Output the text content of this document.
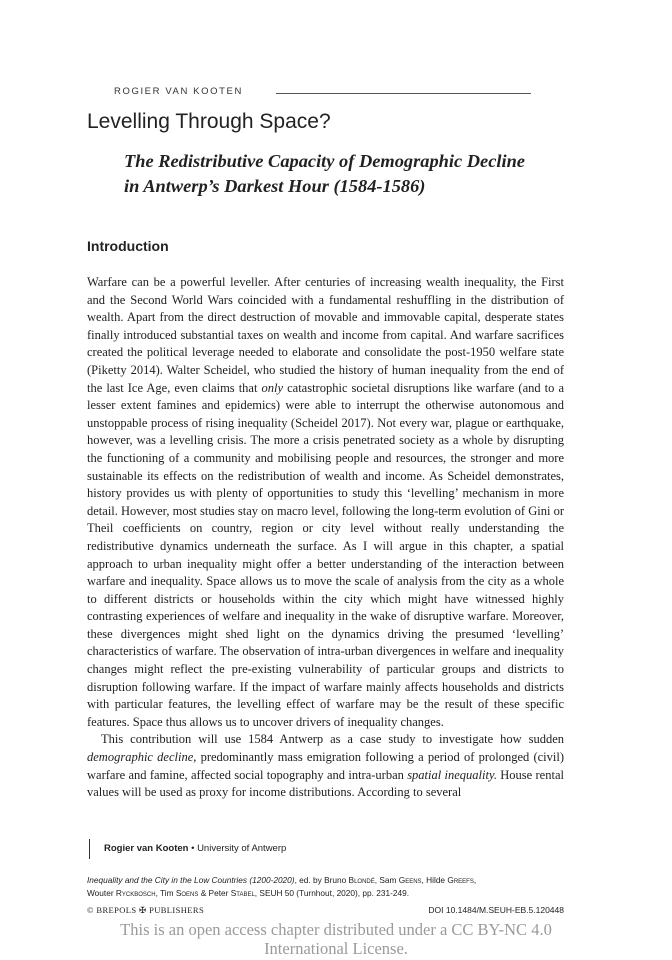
ROGIER VAN KOOTEN
Levelling Through Space?
The Redistributive Capacity of Demographic Decline
in Antwerp’s Darkest Hour (1584-1586)
Introduction

Warfare can be a powerful leveller. After centuries of increasing wealth inequality, the First and the Second World Wars coincided with a fundamental reshuffling in the distribution of wealth. Apart from the direct destruction of movable and immovable capital, desperate states finally introduced substantial taxes on wealth and income from capital. And warfare sacrifices created the political leverage needed to elaborate and consolidate the post-1950 welfare state (Piketty 2014). Walter Scheidel, who studied the history of human inequality from the end of the last Ice Age, even claims that only catastrophic societal disruptions like warfare (and to a lesser extent famines and epidemics) were able to interrupt the otherwise autonomous and unstoppable process of rising inequality (Scheidel 2017). Not every war, plague or earthquake, however, was a levelling crisis. The more a crisis penetrated society as a whole by disrupting the functioning of a community and mobilising people and resources, the stronger and more sustainable its effects on the redistribution of wealth and income. As Scheidel demonstrates, history provides us with plenty of opportunities to study this ‘levelling’ mechanism in more detail. However, most studies stay on macro level, following the long-term evolution of Gini or Theil coefficients on country, region or city level without really understanding the redistributive dynamics underneath the surface. As I will argue in this chapter, a spatial approach to urban inequality might offer a better understanding of the interaction between warfare and inequality. Space allows us to move the scale of analysis from the city as a whole to different districts or households within the city which might have witnessed highly contrasting experiences of welfare and inequality in the wake of disruptive warfare. Moreover, these divergences might shed light on the dynamics driving the presumed ‘levelling’ characteristics of warfare. The observation of intra-urban divergences in welfare and inequality changes might reflect the pre-existing vulnerability of particular groups and districts to disruption following warfare. If the impact of warfare mainly affects households and districts with particular features, the levelling effect of warfare may be the result of these specific features. Space thus allows us to uncover drivers of inequality changes.

This contribution will use 1584 Antwerp as a case study to investigate how sudden demographic decline, predominantly mass emigration following a period of prolonged (civil) warfare and famine, affected social topography and intra-urban spatial inequality. House rental values will be used as proxy for income distributions. According to several

Rogier van Kooten • University of Antwerp
Inequality and the City in the Low Countries (1200-2020), ed. by Bruno Blondé, Sam Geens, Hilde Greefs,
Wouter Ryckbosch, Tim Soens & Peter Stabel, SEUH 50 (Turnhout, 2020), pp. 231-249.
© BREPOLS ✠ PUBLISHERS	DOI 10.1484/M.SEUH-EB.5.120448
This is an open access chapter distributed under a CC BY-NC 4.0 International License.
